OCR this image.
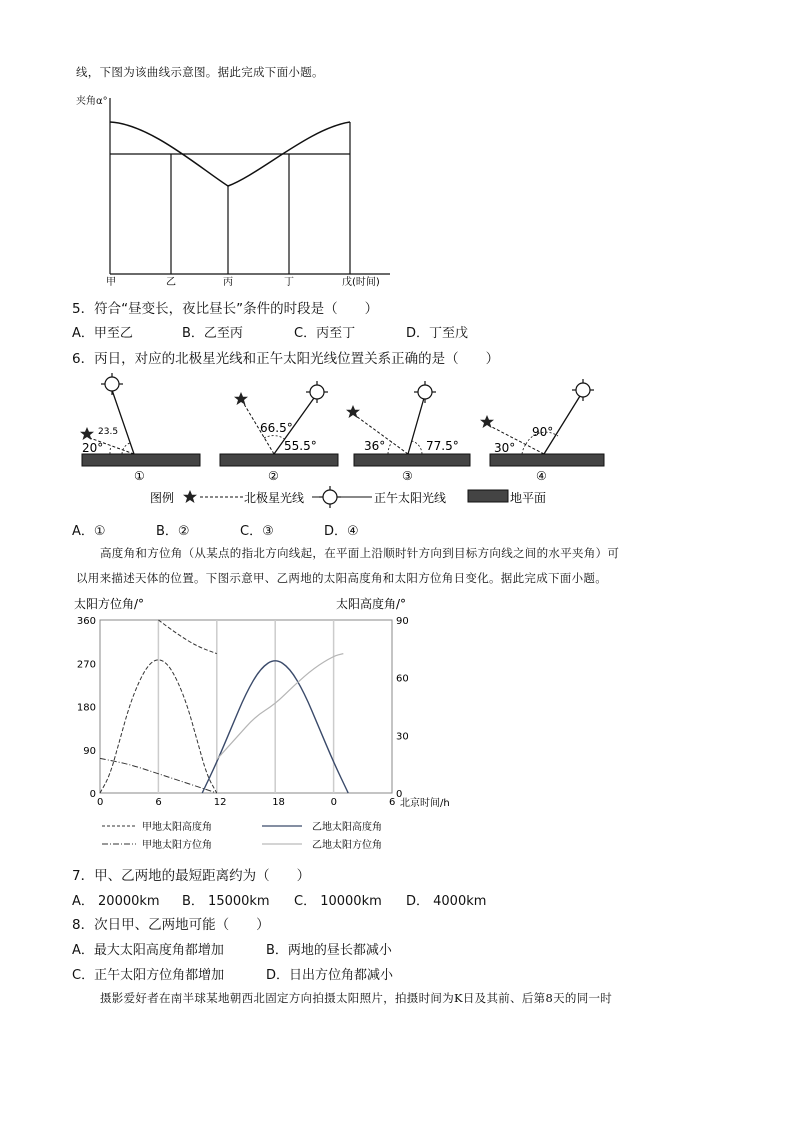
线，下图为该曲线示意图。据此完成下面小题。
夹角α°
甲	乙	丙	丁	戊(时间)
5．符合“昼变长，夜比昼长”条件的时段是（　　）
A．甲至乙	B．乙至丙	C．丙至丁	D．丁至戊
6．丙日，对应的北极星光线和正午太阳光线位置关系正确的是（　　）
23.5
20°
①
66.5°
55.5°
②
36°	77.5°
③
30°
90°
④
图例	北极星光线	正午太阳光线	地平面
A．①	B．②	C．③	D．④
高度角和方位角（从某点的指北方向线起，在平面上沿顺时针方向到目标方向线之间的水平夹角）可
以用来描述天体的位置。下图示意甲、乙两地的太阳高度角和太阳方位角日变化。据此完成下面小题。
太阳方位角/°	太阳高度角/°
0	6	12	18	0	6
0
90
180
270
360
0
30
60
90
北京时间/h
甲地太阳高度角	乙地太阳高度角
甲地太阳方位角	乙地太阳方位角
7．甲、乙两地的最短距离约为（　　）
A． 20000km B． 15000km C． 10000km D． 4000km
8．次日甲、乙两地可能（　　）
A．最大太阳高度角都增加	B．两地的昼长都减小
C．正午太阳方位角都增加	D．日出方位角都减小
摄影爱好者在南半球某地朝西北固定方向拍摄太阳照片，拍摄时间为K日及其前、后第8天的同一时
